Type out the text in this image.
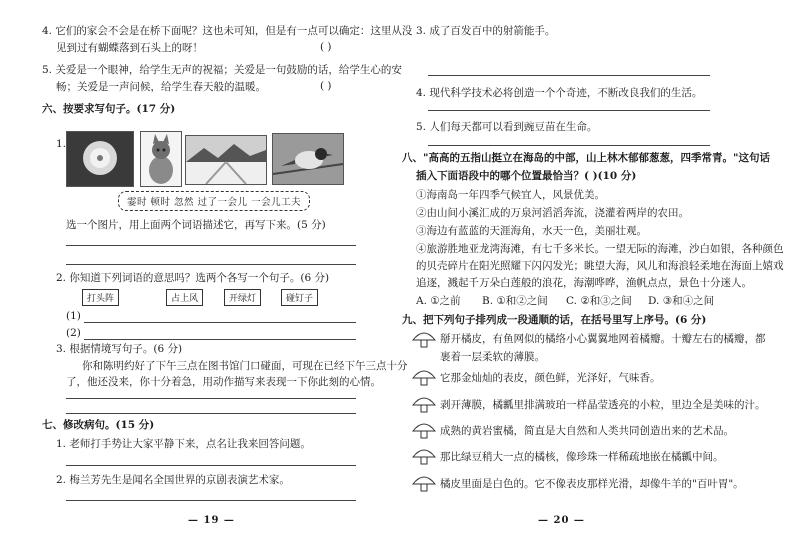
4. 它们的家会不会是在桥下面呢？这也未可知，但是有一点可以确定：这里从没
见到过有蝴蝶落到石头上的呀！	( )
5. 关爱是一个眼神，给学生无声的祝福；关爱是一句鼓励的话，给学生心的安
畅；关爱是一声问候，给学生春天般的温暖。	( )
六、按要求写句子。(17 分)
1.
霎时 顿时 忽然 过了一会儿 一会儿工夫
选一个图片，用上面两个词语描述它，再写下来。(5 分)
2. 你知道下列词语的意思吗？选两个各写一个句子。(6 分)
打头阵	占上风	开绿灯	碰钉子
(1)
(2)
3. 根据情境写句子。(6 分)
你和陈明约好了下午三点在图书馆门口碰面，可现在已经下午三点十分
了，他还没来，你十分着急，用动作描写来表现一下你此刻的心情。
七、修改病句。(15 分)
1. 老师打手势让大家平静下来，点名让我来回答问题。
2. 梅兰芳先生是闻名全国世界的京剧表演艺术家。
— 19 —
3. 成了百发百中的射箭能手。
4. 现代科学技术必将创造一个个奇迹，不断改良我们的生活。
5. 人们每天都可以看到豌豆苗在生命。
八、"高高的五指山挺立在海岛的中部，山上林木郁郁葱葱，四季常青。"这句话
插入下面语段中的哪个位置最恰当？( )(10 分)
①海南岛一年四季气候宜人，风景优美。
②由山间小溪汇成的万泉河滔滔奔流，浇灌着两岸的农田。
③海边有蓝蓝的天涯海角，水天一色，美丽壮观。
④旅游胜地亚龙湾海滩，有七千多米长。一望无际的海滩，沙白如银，各种颜色
的贝壳碎片在阳光照耀下闪闪发光；眺望大海，风儿和海浪轻柔地在海面上嬉戏
追逐，溅起千万朵白莲般的浪花，海潮哗哗，渔帆点点，景色十分迷人。
A. ①之前 B. ①和②之间 C. ②和③之间 D. ③和④之间
九、把下列句子排列成一段通顺的话，在括号里写上序号。(6 分)
掰开橘皮，有鱼网似的橘络小心翼翼地网着橘瓣。十瓣左右的橘瓣，都
裹着一层柔软的薄膜。
它那金灿灿的表皮，颜色鲜，光泽好，气味香。
剥开薄膜，橘瓤里排满玻珀一样晶莹透亮的小粒，里边全是美味的汁。
成熟的黄岩蜜橘，简直是大自然和人类共同创造出来的艺术品。
那比绿豆稍大一点的橘核，像珍珠一样稀疏地嵌在橘瓤中间。
橘皮里面是白色的。它不像表皮那样光滑，却像牛羊的"百叶胃"。
— 20 —
